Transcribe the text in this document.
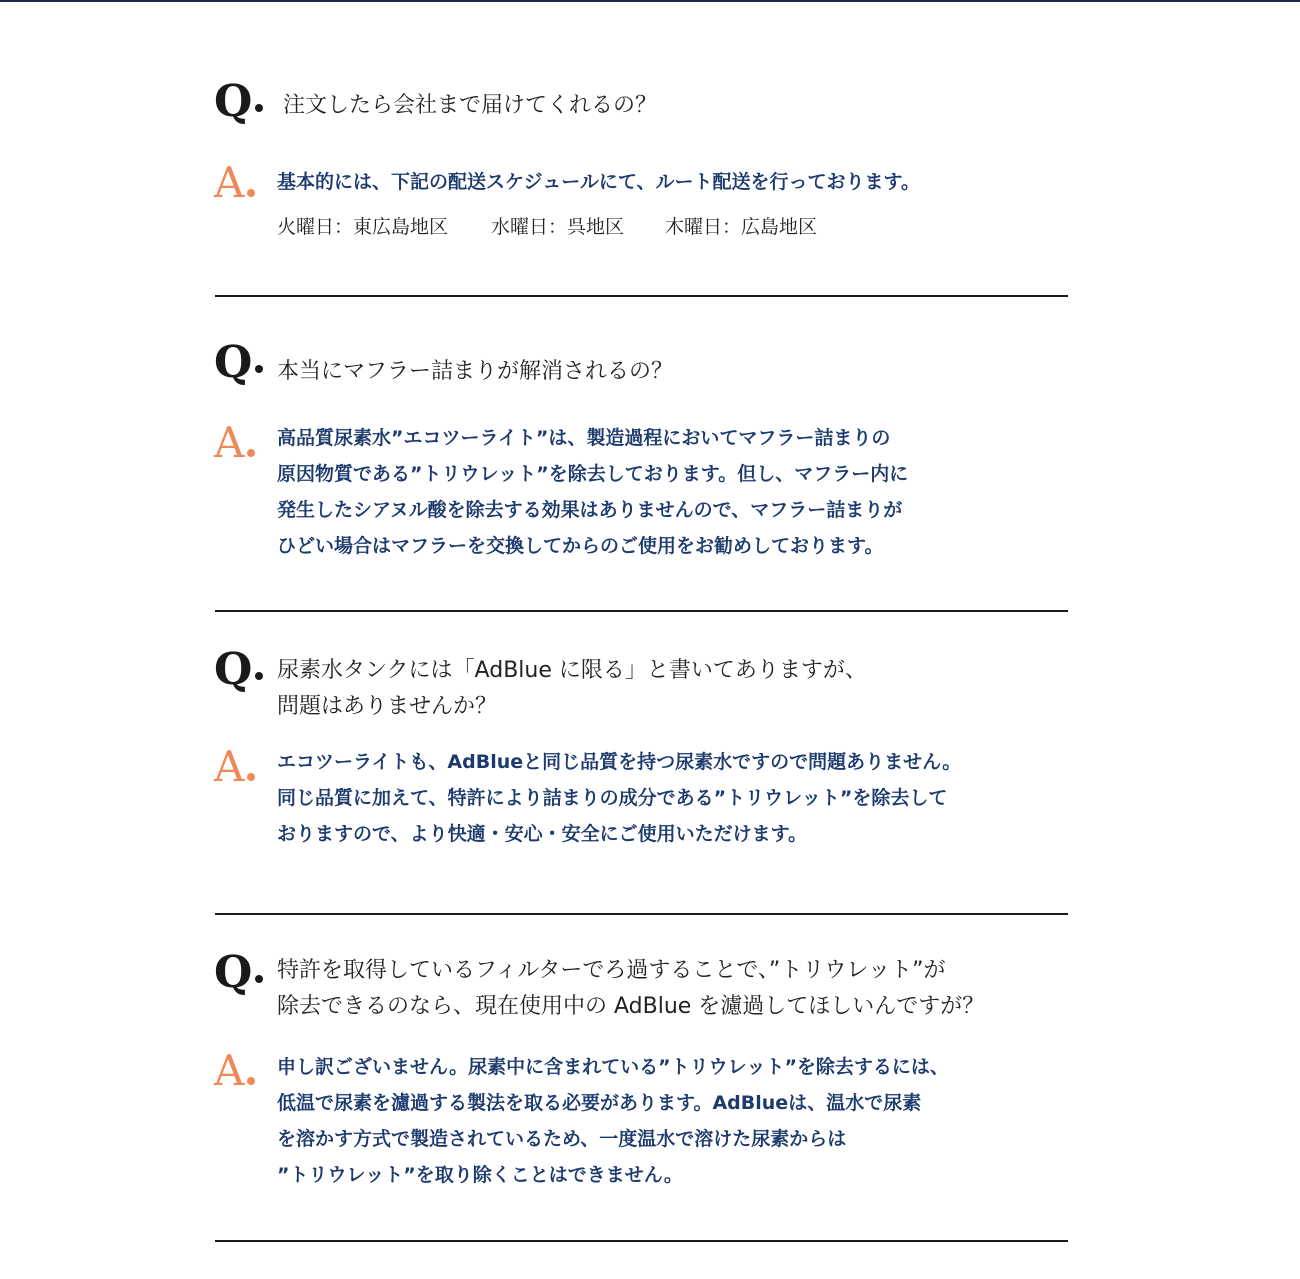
Q	注文したら会社まで届けてくれるの？
A	基本的には、下記の配送スケジュールにて、ルート配送を行っております。
火曜日：東広島地区 水曜日：呉地区 木曜日：広島地区
Q	本当にマフラー詰まりが解消されるの？
A	高品質尿素水”エコツーライト”は、製造過程においてマフラー詰まりの
原因物質である”トリウレット”を除去しております。但し、マフラー内に
発生したシアヌル酸を除去する効果はありませんので、マフラー詰まりが
ひどい場合はマフラーを交換してからのご使用をお勧めしております。
Q	尿素水タンクには「AdBlue に限る」と書いてありますが、
問題はありませんか？
A	エコツーライトも、AdBlueと同じ品質を持つ尿素水ですので問題ありません。
同じ品質に加えて、特許により詰まりの成分である”トリウレット”を除去して
おりますので、より快適・安心・安全にご使用いただけます。
Q	特許を取得しているフィルターでろ過することで、”トリウレット”が
除去できるのなら、現在使用中の AdBlue を濾過してほしいんですが？
A	申し訳ございません。尿素中に含まれている”トリウレット”を除去するには、
低温で尿素を濾過する製法を取る必要があります。AdBlueは、温水で尿素
を溶かす方式で製造されているため、一度温水で溶けた尿素からは
”トリウレット”を取り除くことはできません。
